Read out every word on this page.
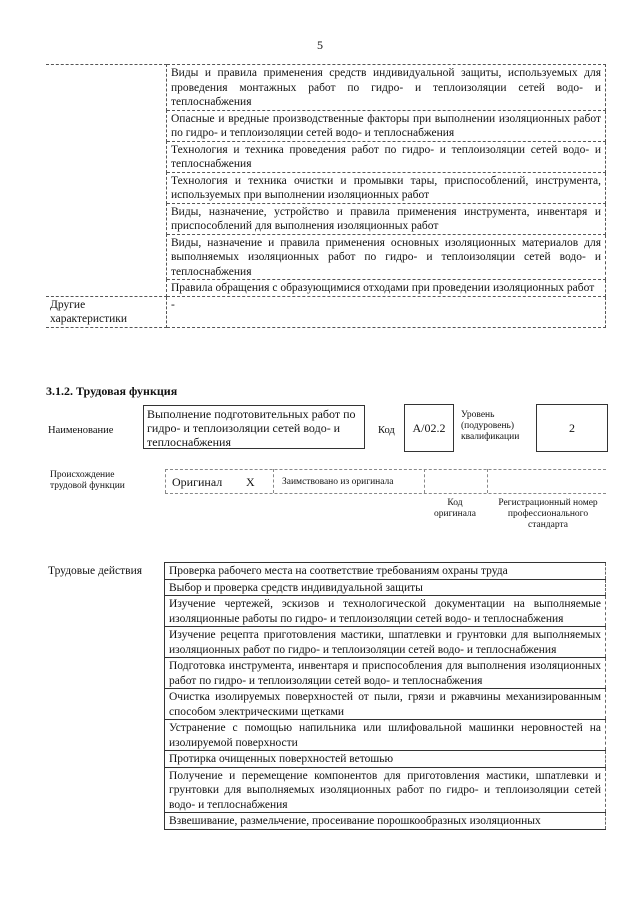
5
	Виды и правила применения средств индивидуальной защиты, используемых для проведения монтажных работ по гидро- и теплоизоляции сетей водо- и теплоснабжения
	Опасные и вредные производственные факторы при выполнении изоляционных работ по гидро- и теплоизоляции сетей водо- и теплоснабжения
	Технология и техника проведения работ по гидро- и теплоизоляции сетей водо- и теплоснабжения
	Технология и техника очистки и промывки тары, приспособлений, инструмента, используемых при выполнении изоляционных работ
	Виды, назначение, устройство и правила применения инструмента, инвентаря и приспособлений для выполнения изоляционных работ
	Виды, назначение и правила применения основных изоляционных материалов для выполняемых изоляционных работ по гидро- и теплоизоляции сетей водо- и теплоснабжения
	Правила обращения с образующимися отходами при проведении изоляционных работ
Другие характеристики	-
3.1.2. Трудовая функция
Наименование
Выполнение подготовительных работ по гидро- и теплоизоляции сетей водо- и теплоснабжения
Код	A/02.2
Уровень (подуровень) квалификации
2
Происхождение трудовой функции	Оригинал X	Заимствовано из оригинала
Код оригинала
Регистрационный номер профессионального стандарта
Трудовые действия	Проверка рабочего места на соответствие требованиям охраны труда
Выбор и проверка средств индивидуальной защиты
Изучение чертежей, эскизов и технологической документации на выполняемые изоляционные работы по гидро- и теплоизоляции сетей водо- и теплоснабжения
Изучение рецепта приготовления мастики, шпатлевки и грунтовки для выполняемых изоляционных работ по гидро- и теплоизоляции сетей водо- и теплоснабжения
Подготовка инструмента, инвентаря и приспособления для выполнения изоляционных работ по гидро- и теплоизоляции сетей водо- и теплоснабжения
Очистка изолируемых поверхностей от пыли, грязи и ржавчины механизированным способом электрическими щетками
Устранение с помощью напильника или шлифовальной машинки неровностей на изолируемой поверхности
Протирка очищенных поверхностей ветошью
Получение и перемещение компонентов для приготовления мастики, шпатлевки и грунтовки для выполняемых изоляционных работ по гидро- и теплоизоляции сетей водо- и теплоснабжения
Взвешивание, размельчение, просеивание порошкообразных изоляционных
